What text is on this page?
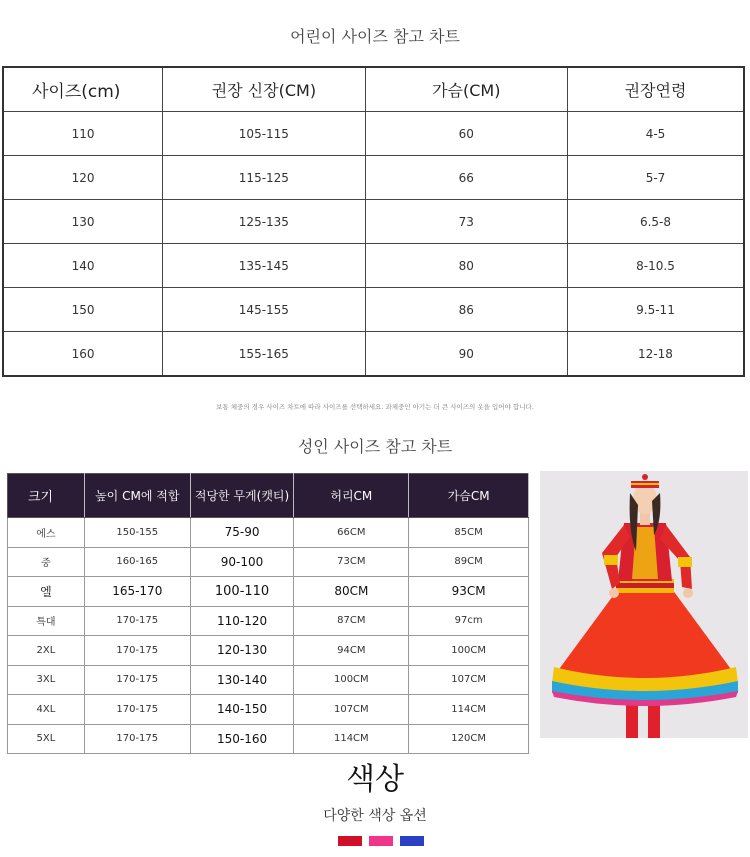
어린이 사이즈 참고 차트
사이즈(cm)	권장 신장(CM)	가슴(CM)	권장연령
110	105-115	60	4-5
120	115-125	66	5-7
130	125-135	73	6.5-8
140	135-145	80	8-10.5
150	145-155	86	9.5-11
160	155-165	90	12-18
보통 체중의 경우 사이즈 차트에 따라 사이즈를 선택하세요. 과체중인 아기는 더 큰 사이즈의 옷을 입어야 합니다.
성인 사이즈 참고 차트
크기	높이 CM에 적합	적당한 무게(캣티)	허리CM	가슴CM
에스	150-155	75-90	66CM	85CM
중	160-165	90-100	73CM	89CM
엘	165-170	100-110	80CM	93CM
특대	170-175	110-120	87CM	97cm
2XL	170-175	120-130	94CM	100CM
3XL	170-175	130-140	100CM	107CM
4XL	170-175	140-150	107CM	114CM
5XL	170-175	150-160	114CM	120CM
색상
다양한 색상 옵션
